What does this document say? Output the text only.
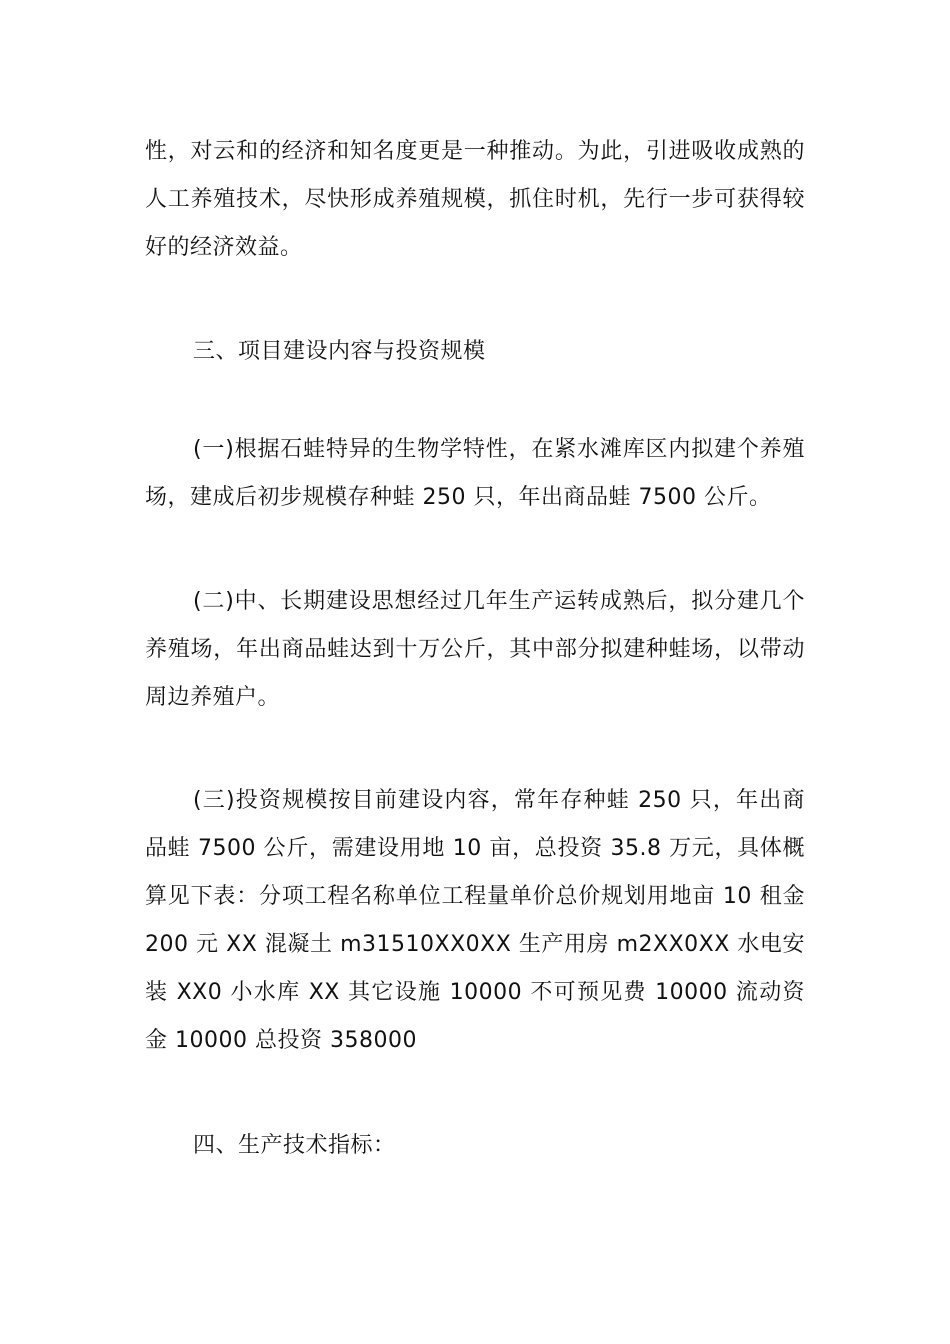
性，对云和的经济和知名度更是一种推动。为此，引进吸收成熟的人工养殖技术，尽快形成养殖规模，抓住时机，先行一步可获得较好的经济效益。

三、项目建设内容与投资规模

(一)根据石蛙特异的生物学特性，在紧水滩库区内拟建个养殖场，建成后初步规模存种蛙 250 只，年出商品蛙 7500 公斤。

(二)中、长期建设思想经过几年生产运转成熟后，拟分建几个养殖场，年出商品蛙达到十万公斤，其中部分拟建种蛙场，以带动周边养殖户。

(三)投资规模按目前建设内容，常年存种蛙 250 只，年出商品蛙 7500 公斤，需建设用地 10 亩，总投资 35.8 万元，具体概算见下表：分项工程名称单位工程量单价总价规划用地亩 10 租金 200 元 XX 混凝土 m31510XX0XX 生产用房 m2XX0XX 水电安装 XX0 小水库 XX 其它设施 10000 不可预见费 10000 流动资金 10000 总投资 358000

四、生产技术指标：
